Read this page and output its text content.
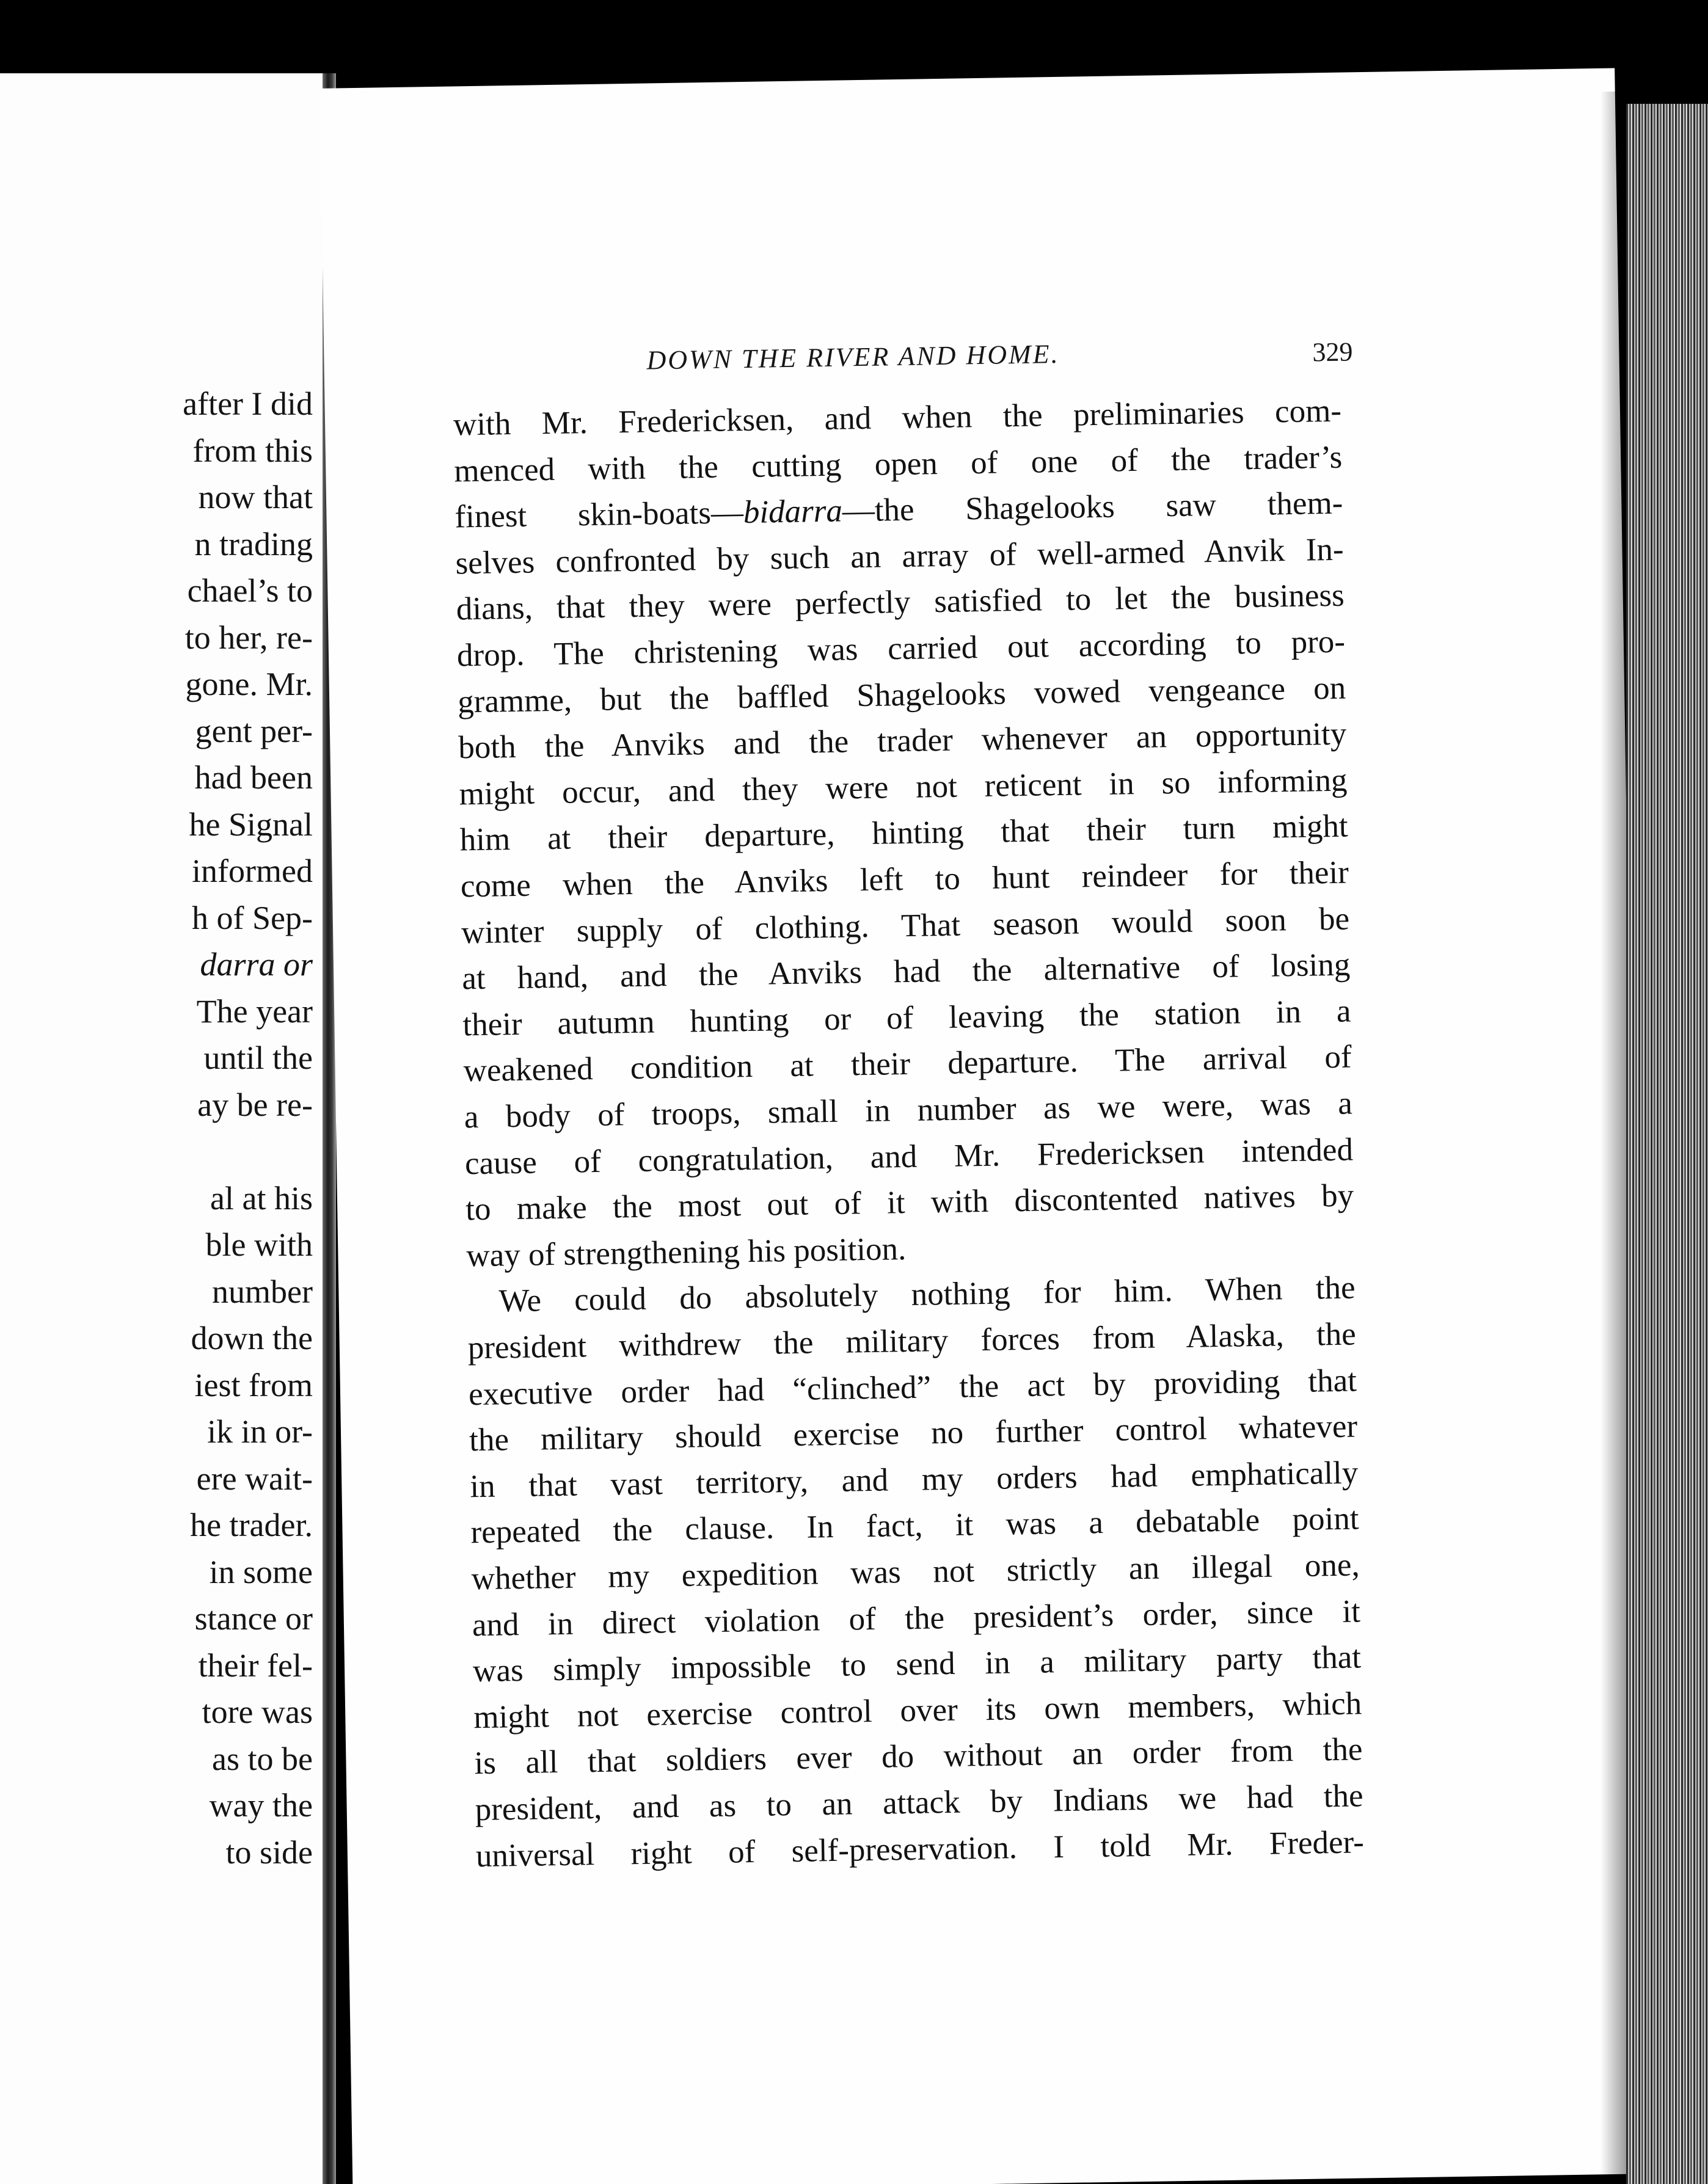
after I did
from this
now that
n trading
chael’s to
to her, re-
gone. Mr.
gent per-
had been
he Signal
informed
h of Sep-
darra or
The year
until the
ay be re-
al at his
ble with
number
down the
iest from
ik in or-
ere wait-
he trader.
in some
stance or
their fel-
tore was
as to be
way the
to side
DOWN THE RIVER AND HOME.	329
with Mr. Fredericksen, and when the preliminaries com-
menced with the cutting open of one of the trader’s
finest skin-boats—bidarra—the Shagelooks saw them-
selves confronted by such an array of well-armed Anvik In-
dians, that they were perfectly satisfied to let the business
drop. The christening was carried out according to pro-
gramme, but the baffled Shagelooks vowed vengeance on
both the Anviks and the trader whenever an opportunity
might occur, and they were not reticent in so informing
him at their departure, hinting that their turn might
come when the Anviks left to hunt reindeer for their
winter supply of clothing. That season would soon be
at hand, and the Anviks had the alternative of losing
their autumn hunting or of leaving the station in a
weakened condition at their departure. The arrival of
a body of troops, small in number as we were, was a
cause of congratulation, and Mr. Fredericksen intended
to make the most out of it with discontented natives by
way of strengthening his position.
We could do absolutely nothing for him. When the
president withdrew the military forces from Alaska, the
executive order had “clinched” the act by providing that
the military should exercise no further control whatever
in that vast territory, and my orders had emphatically
repeated the clause. In fact, it was a debatable point
whether my expedition was not strictly an illegal one,
and in direct violation of the president’s order, since it
was simply impossible to send in a military party that
might not exercise control over its own members, which
is all that soldiers ever do without an order from the
president, and as to an attack by Indians we had the
universal right of self-preservation. I told Mr. Freder-
